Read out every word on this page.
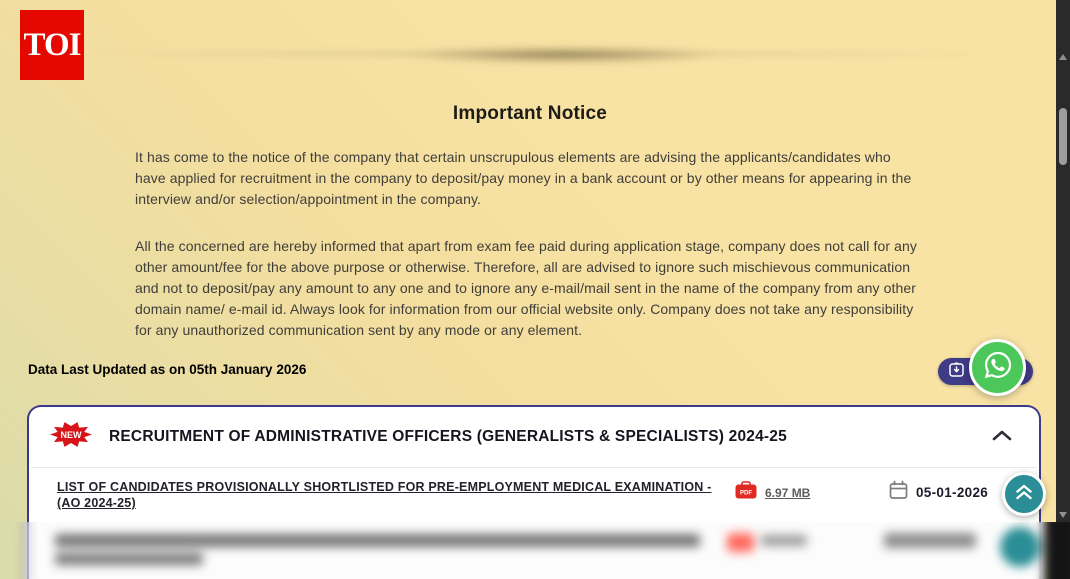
TOI
Important Notice

It has come to the notice of the company that certain unscrupulous elements are advising the applicants/candidates who have applied for recruitment in the company to deposit/pay money in a bank account or by other means for appearing in the interview and/or selection/appointment in the company.

All the concerned are hereby informed that apart from exam fee paid during application stage, company does not call for any other amount/fee for the above purpose or otherwise. Therefore, all are advised to ignore such mischievous communication and not to deposit/pay any amount to any one and to ignore any e-mail/mail sent in the name of the company from any other domain name/ e-mail id. Always look for information from our official website only. Company does not take any responsibility for any unauthorized communication sent by any mode or any element.

Data Last Updated as on 05th January 2026
NEW RECRUITMENT OF ADMINISTRATIVE OFFICERS (GENERALISTS & SPECIALISTS) 2024-25
LIST OF CANDIDATES PROVISIONALLY SHORTLISTED FOR PRE-EMPLOYMENT MEDICAL EXAMINATION - (AO 2024-25)
PDF 6.97 MB	05-01-2026
